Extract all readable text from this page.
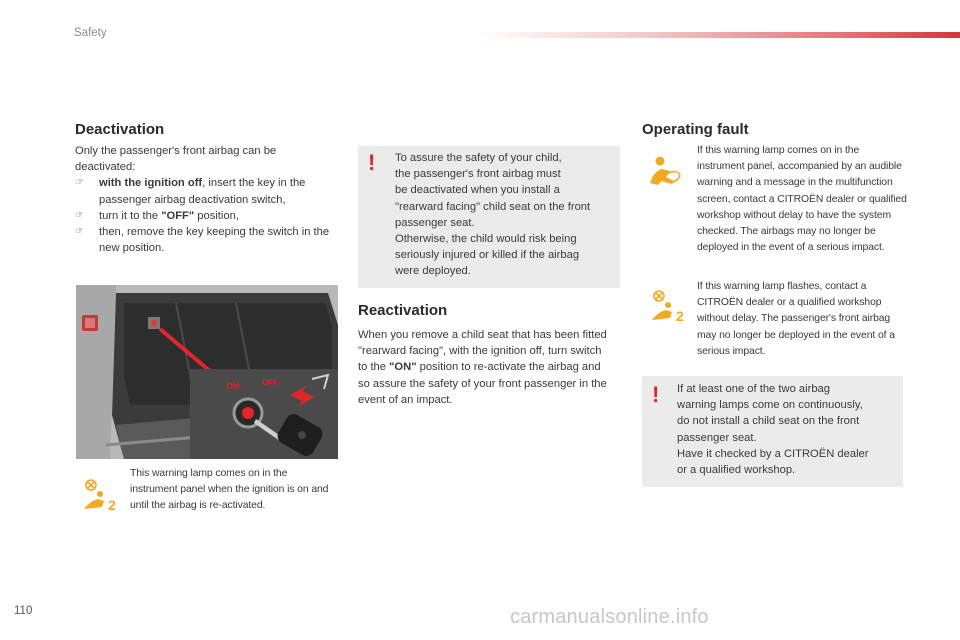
Safety
Deactivation
Only the passenger's front airbag can be deactivated:
☞ with the ignition off, insert the key in the passenger airbag deactivation switch,
☞ turn it to the "OFF" position,
☞ then, remove the key keeping the switch in the new position.
ON	OFF
2
This warning lamp comes on in the instrument panel when the ignition is on and until the airbag is re-activated.
! To assure the safety of your child,
the passenger's front airbag must
be deactivated when you install a
"rearward facing" child seat on the front
passenger seat.
Otherwise, the child would risk being
seriously injured or killed if the airbag
were deployed.
Reactivation
When you remove a child seat that has been fitted "rearward facing", with the ignition off, turn switch to the "ON" position to re-activate the airbag and so assure the safety of your front passenger in the event of an impact.
Operating fault
If this warning lamp comes on in the instrument panel, accompanied by an audible warning and a message in the multifunction screen, contact a CITROËN dealer or qualified workshop without delay to have the system checked. The airbags may no longer be deployed in the event of a serious impact.
2
If this warning lamp flashes, contact a CITROËN dealer or a qualified workshop without delay. The passenger's front airbag may no longer be deployed in the event of a serious impact.
! If at least one of the two airbag
warning lamps come on continuously,
do not install a child seat on the front
passenger seat.
Have it checked by a CITROËN dealer
or a qualified workshop.
110	carmanualsonline.info
